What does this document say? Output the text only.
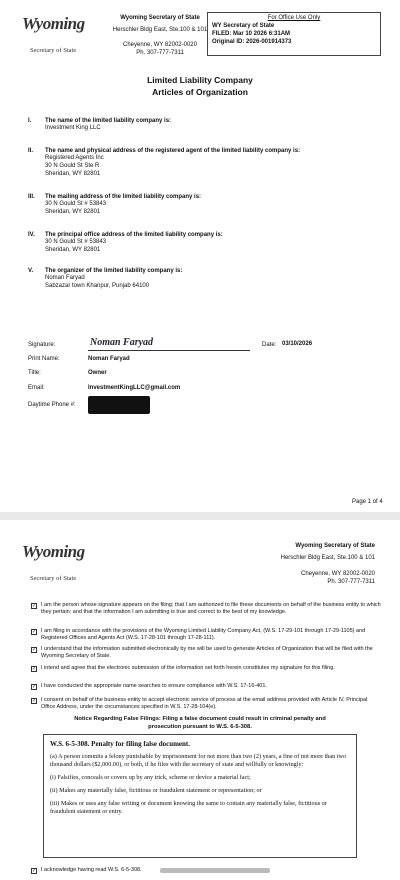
Wyoming
Secretary of State
Wyoming Secretary of State
Herschler Bldg East, Ste.100 & 101
Cheyenne, WY 82002-0020
Ph. 307-777-7311
For Office Use Only
WY Secretary of State
FILED: Mar 10 2026 6:31AM
Original ID: 2026-001914373
Limited Liability Company
Articles of Organization
I. The name of the limited liability company is:
Investment King LLC
II. The name and physical address of the registered agent of the limited liability company is:
Registered Agents Inc
30 N Gould St Ste R
Sheridan, WY 82801
III. The mailing address of the limited liability company is:
30 N Gould St # 53843
Sheridan, WY 82801
IV. The principal office address of the limited liability company is:
30 N Gould St # 53843
Sheridan, WY 82801
V. The organizer of the limited liability company is:
Noman Faryad
Sabzazar town Khanpur, Punjab 64100
Signature:	Noman Faryad	Date: 03/10/2026
Print Name:	Noman Faryad
Title:	Owner
Email:	InvestmentKingLLC@gmail.com
Daytime Phone #:
Page 1 of 4
Wyoming
Secretary of State
Wyoming Secretary of State
Herschler Bldg East, Ste.100 & 101
Cheyenne, WY 82002-0020
Ph. 307-777-7311
✓ I am the person whose signature appears on the filing; that I am authorized to file these documents on behalf of the business entity to which they pertain; and that the information I am submitting is true and correct to the best of my knowledge.
✓ I am filing in accordance with the provisions of the Wyoming Limited Liability Company Act, (W.S. 17-29-101 through 17-29-1105) and Registered Offices and Agents Act (W.S. 17-28-101 through 17-28-111).
✓ I understand that the information submitted electronically by me will be used to generate Articles of Organization that will be filed with the Wyoming Secretary of State.
✓ I intend and agree that the electronic submission of the information set forth herein constitutes my signature for this filing.
✓ I have conducted the appropriate name searches to ensure compliance with W.S. 17-16-401.
✓ I consent on behalf of the business entity to accept electronic service of process at the email address provided with Article IV, Principal Office Address, under the circumstances specified in W.S. 17-28-104(e).
Notice Regarding False Filings: Filing a false document could result in criminal penalty and prosecution pursuant to W.S. 6-5-308.
W.S. 6-5-308. Penalty for filing false document.
(a) A person commits a felony punishable by imprisonment for not more than two (2) years, a fine of not more than two thousand dollars ($2,000.00), or both, if he files with the secretary of state and willfully or knowingly:
(i) Falsifies, conceals or covers up by any trick, scheme or device a material fact;
(ii) Makes any materially false, fictitious or fraudulent statement or representation; or
(iii) Makes or uses any false writing or document knowing the same to contain any materially false, fictitious or fraudulent statement or entry.
✓ I acknowledge having read W.S. 6-5-308.
